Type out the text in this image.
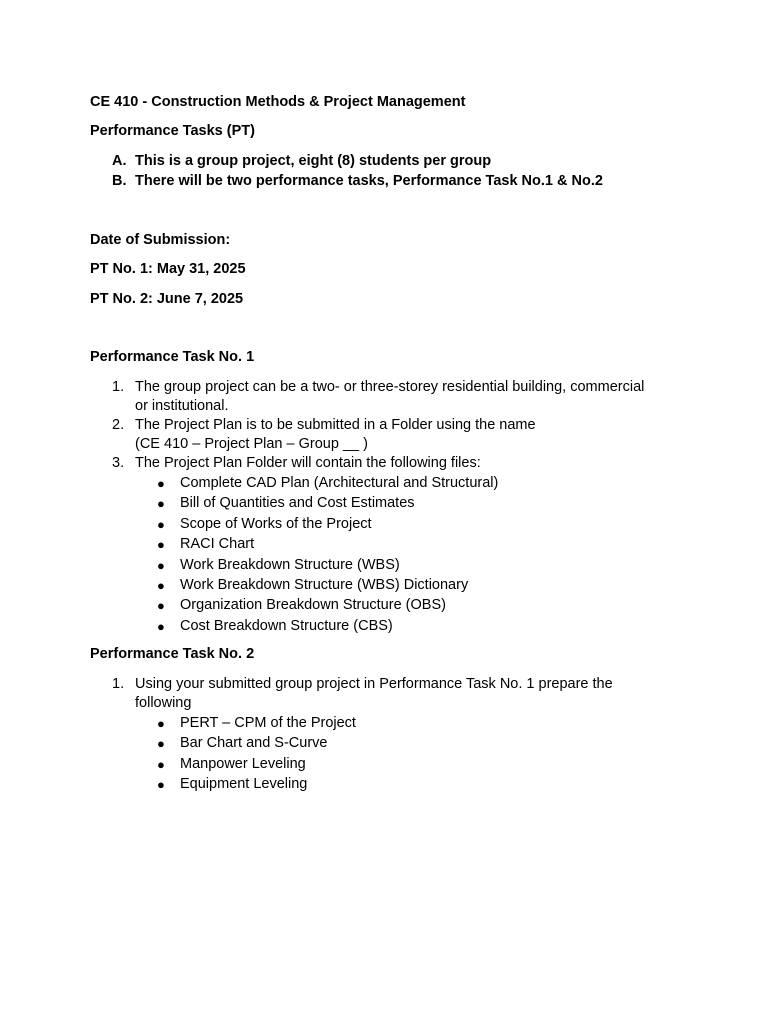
CE 410 - Construction Methods & Project Management

Performance Tasks (PT)

A. This is a group project, eight (8) students per group
B. There will be two performance tasks, Performance Task No.1 & No.2

Date of Submission:

PT No. 1: May 31, 2025

PT No. 2: June 7, 2025

Performance Task No. 1

1. The group project can be a two- or three-storey residential building, commercial
or institutional.
2. The Project Plan is to be submitted in a Folder using the name
(CE 410 – Project Plan – Group __ )
3. The Project Plan Folder will contain the following files:
● Complete CAD Plan (Architectural and Structural)
● Bill of Quantities and Cost Estimates
● Scope of Works of the Project
● RACI Chart
● Work Breakdown Structure (WBS)
● Work Breakdown Structure (WBS) Dictionary
● Organization Breakdown Structure (OBS)
● Cost Breakdown Structure (CBS)

Performance Task No. 2

1. Using your submitted group project in Performance Task No. 1 prepare the
following
● PERT – CPM of the Project
● Bar Chart and S-Curve
● Manpower Leveling
● Equipment Leveling
